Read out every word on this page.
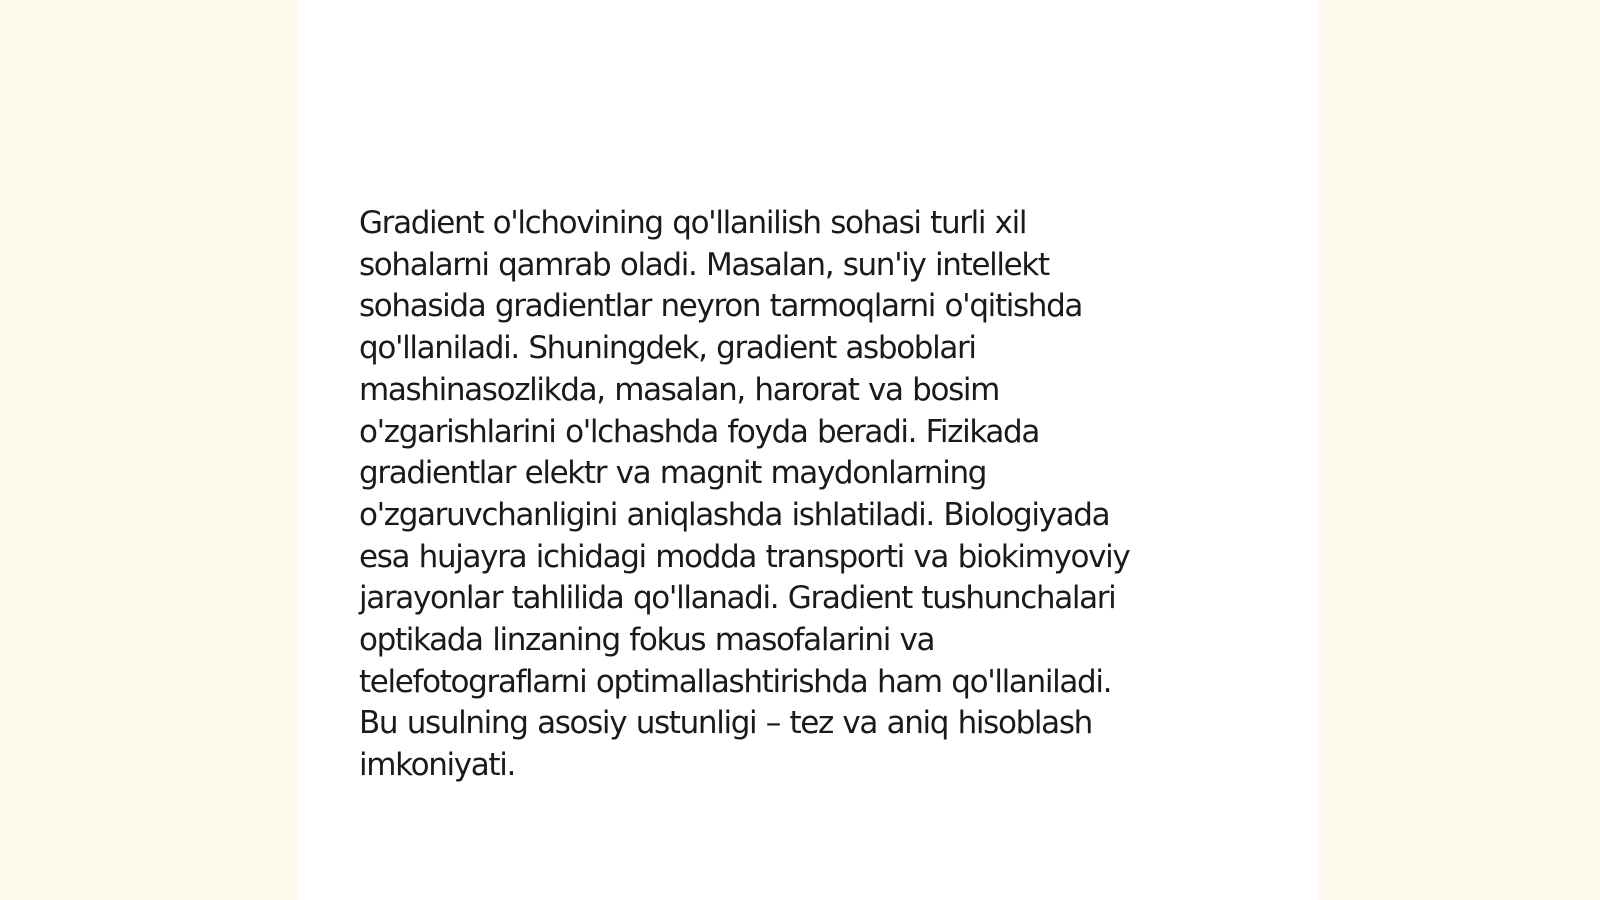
Gradient o'lchovining qo'llanilish sohasi turli xil
sohalarni qamrab oladi. Masalan, sun'iy intellekt
sohasida gradientlar neyron tarmoqlarni o'qitishda
qo'llaniladi. Shuningdek, gradient asboblari
mashinasozlikda, masalan, harorat va bosim
o'zgarishlarini o'lchashda foyda beradi. Fizikada
gradientlar elektr va magnit maydonlarning
o'zgaruvchanligini aniqlashda ishlatiladi. Biologiyada
esa hujayra ichidagi modda transporti va biokimyoviy
jarayonlar tahlilida qo'llanadi. Gradient tushunchalari
optikada linzaning fokus masofalarini va
telefotograflarni optimallashtirishda ham qo'llaniladi.
Bu usulning asosiy ustunligi – tez va aniq hisoblash
imkoniyati.
